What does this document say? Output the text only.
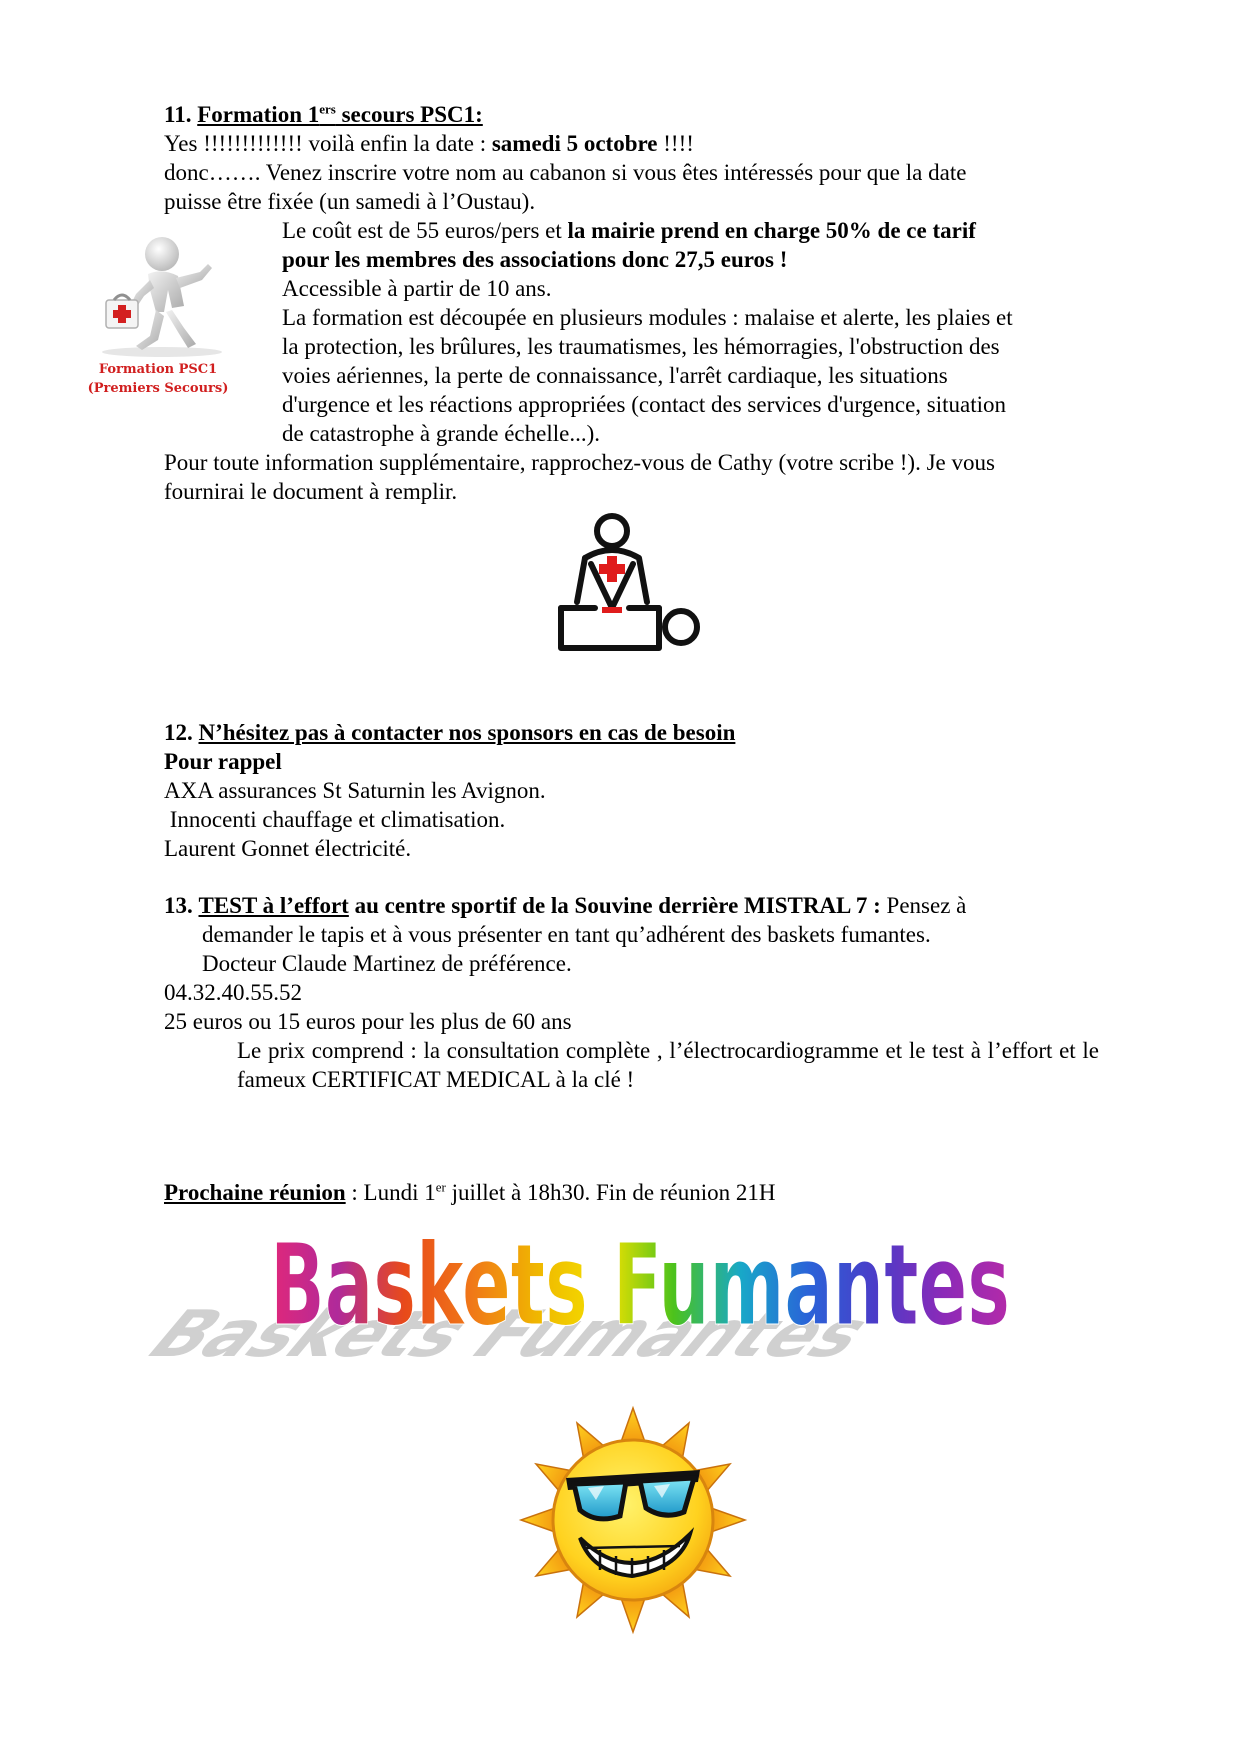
11. Formation 1ers secours PSC1:
Yes !!!!!!!!!!!!! voilà enfin la date : samedi 5 octobre !!!!
donc……. Venez inscrire votre nom au cabanon si vous êtes intéressés pour que la date
puisse être fixée (un samedi à l’Oustau).
Formation PSC1
(Premiers Secours)
Le coût est de 55 euros/pers et la mairie prend en charge 50% de ce tarif
pour les membres des associations donc 27,5 euros !
Accessible à partir de 10 ans.
La formation est découpée en plusieurs modules : malaise et alerte, les plaies et
la protection, les brûlures, les traumatismes, les hémorragies, l'obstruction des
voies aériennes, la perte de connaissance, l'arrêt cardiaque, les situations
d'urgence et les réactions appropriées (contact des services d'urgence, situation
de catastrophe à grande échelle...).
Pour toute information supplémentaire, rapprochez-vous de Cathy (votre scribe !). Je vous
fournirai le document à remplir.
12. N’hésitez pas à contacter nos sponsors en cas de besoin
Pour rappel
AXA assurances St Saturnin les Avignon.
Innocenti chauffage et climatisation.
Laurent Gonnet électricité.
13. TEST à l’effort au centre sportif de la Souvine derrière MISTRAL 7 : Pensez à
demander le tapis et à vous présenter en tant qu’adhérent des baskets fumantes.
Docteur Claude Martinez de préférence.
04.32.40.55.52
25 euros ou 15 euros pour les plus de 60 ans
Le prix comprend : la consultation complète , l’électrocardiogramme et le test à l’effort et le fameux CERTIFICAT MEDICAL à la clé !
Prochaine réunion : Lundi 1er juillet à 18h30. Fin de réunion 21H
Baskets Fumantes
Baskets Fumantes
